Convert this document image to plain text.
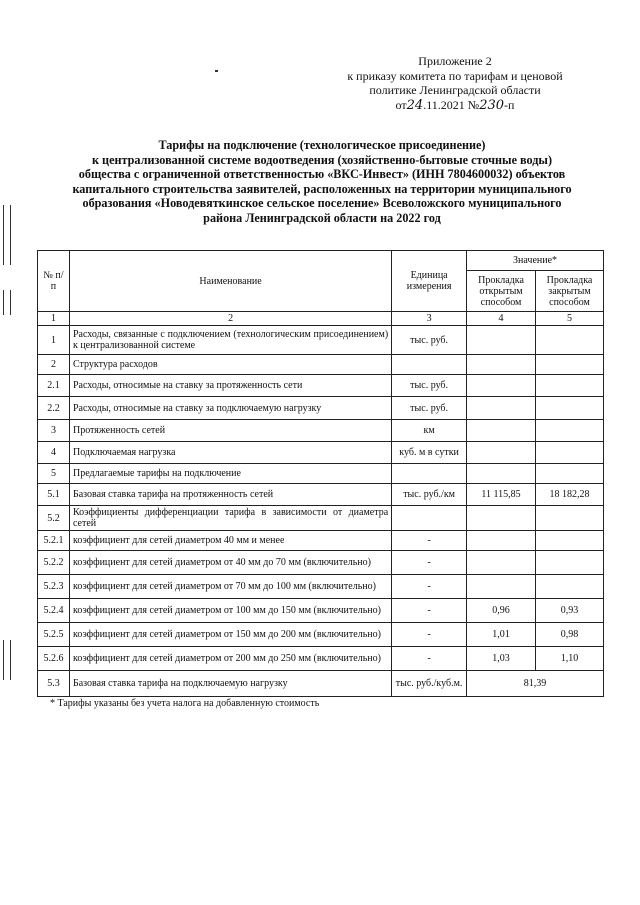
Приложение 2
к приказу комитета по тарифам и ценовой
политике Ленинградской области
от24.11.2021 №230-п
Тарифы на подключение (технологическое присоединение)
к централизованной системе водоотведения (хозяйственно-бытовые сточные воды)
общества с ограниченной ответственностью «ВКС-Инвест» (ИНН 7804600032) объектов
капитального строительства заявителей, расположенных на территории муниципального
образования «Новодевяткинское сельское поселение» Всеволожского муниципального
района Ленинградской области на 2022 год
№ п/п	Наименование	Единица измерения	Значение*	
			Прокладка открытым способом	Прокладка закрытым способом
1	2	3	4	5
1	Расходы, связанные с подключением (технологическим присоединением) к централизованной системе	тыс. руб.		
2	Структура расходов			
2.1	Расходы, относимые на ставку за протяженность сети	тыс. руб.		
2.2	Расходы, относимые на ставку за подключаемую нагрузку	тыс. руб.		
3	Протяженность сетей	км		
4	Подключаемая нагрузка	куб. м в сутки		
5	Предлагаемые тарифы на подключение			
5.1	Базовая ставка тарифа на протяженность сетей	тыс. руб./км	11 115,85	18 182,28
5.2	Коэффициенты дифференциации тарифа в зависимости от диаметра сетей			
5.2.1	коэффициент для сетей диаметром 40 мм и менее	-		
5.2.2	коэффициент для сетей диаметром от 40 мм до 70 мм (включительно)	-		
5.2.3	коэффициент для сетей диаметром от 70 мм до 100 мм (включительно)	-		
5.2.4	коэффициент для сетей диаметром от 100 мм до 150 мм (включительно)	-	0,96	0,93
5.2.5	коэффициент для сетей диаметром от 150 мм до 200 мм (включительно)	-	1,01	0,98
5.2.6	коэффициент для сетей диаметром от 200 мм до 250 мм (включительно)	-	1,03	1,10
5.3	Базовая ставка тарифа на подключаемую нагрузку	тыс. руб./куб.м.	81,39	
* Тарифы указаны без учета налога на добавленную стоимость
